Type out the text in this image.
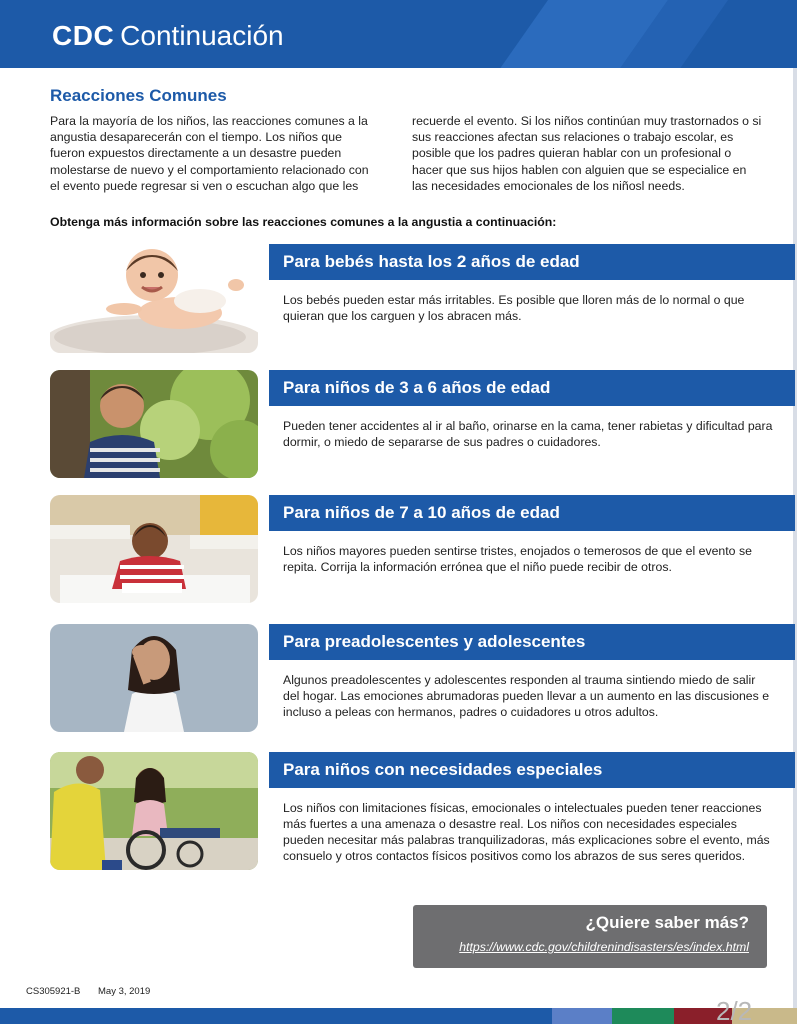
CDC Continuación
Reacciones Comunes
Para la mayoría de los niños, las reacciones comunes a la angustia desaparecerán con el tiempo. Los niños que fueron expuestos directamente a un desastre pueden molestarse de nuevo y el comportamiento relacionado con el evento puede regresar si ven o escuchan algo que les
recuerde el evento. Si los niños continúan muy trastornados o si sus reacciones afectan sus relaciones o trabajo escolar, es posible que los padres quieran hablar con un profesional o hacer que sus hijos hablen con alguien que se especialice en las necesidades emocionales de los niñosl needs.
Obtenga más información sobre las reacciones comunes a la angustia a continuación:
Para bebés hasta los 2 años de edad
Los bebés pueden estar más irritables. Es posible que lloren más de lo normal o que quieran que los carguen y los abracen más.
Para niños de 3 a 6 años de edad
Pueden tener accidentes al ir al baño, orinarse en la cama, tener rabietas y dificultad para dormir, o miedo de separarse de sus padres o cuidadores.
Para niños de 7 a 10 años de edad
Los niños mayores pueden sentirse tristes, enojados o temerosos de que el evento se repita. Corrija la información errónea que el niño puede recibir de otros.
Para preadolescentes y adolescentes
Algunos preadolescentes y adolescentes responden al trauma sintiendo miedo de salir del hogar. Las emociones abrumadoras pueden llevar a un aumento en las discusiones e incluso a peleas con hermanos, padres o cuidadores u otros adultos.
Para niños con necesidades especiales
Los niños con limitaciones físicas, emocionales o intelectuales pueden tener reacciones más fuertes a una amenaza o desastre real. Los niños con necesidades especiales pueden necesitar más palabras tranquilizadoras, más explicaciones sobre el evento, más consuelo y otros contactos físicos positivos como los abrazos de sus seres queridos.
¿Quiere saber más?
https://www.cdc.gov/childrenindisasters/es/index.html
CS305921-B May 3, 2019
2/2
